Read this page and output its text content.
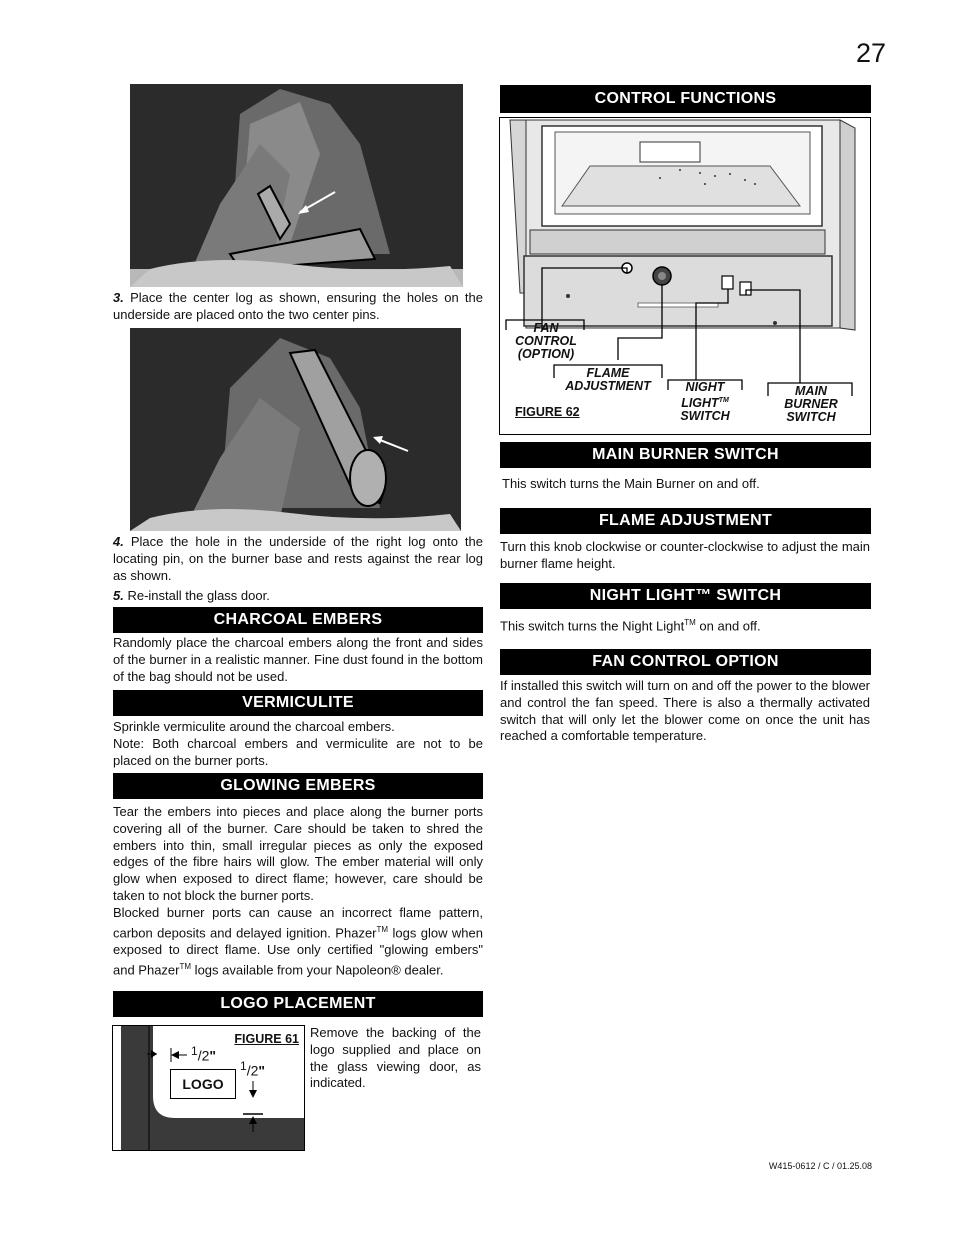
27
3. Place the center log as shown, ensuring the holes on the underside are placed onto the two center pins.
4. Place the hole in the underside of the right log onto the locating pin, on the burner base and rests against the rear log as shown.
5. Re-install the glass door.
CHARCOAL EMBERS
Randomly place the charcoal embers along the front and sides of the burner in a realistic manner. Fine dust found in the bottom of the bag should not be used.
VERMICULITE
Sprinkle vermiculite around the charcoal embers.
Note: Both charcoal embers and vermiculite are not to be placed on the burner ports.
GLOWING EMBERS
Tear the embers into pieces and place along the burner ports covering all of the burner. Care should be taken to shred the embers into thin, small irregular pieces as only the exposed edges of the fibre hairs will glow. The ember material will only glow when exposed to direct flame; however, care should be taken to not block the burner ports.
Blocked burner ports can cause an incorrect flame pattern, carbon deposits and delayed ignition. Phazer™ logs glow when exposed to direct flame. Use only certified "glowing embers" and Phazer™ logs available from your Napoleon® dealer.
LOGO PLACEMENT
FIGURE 61
LOGO
$^1$/2"
$^1$/2"
Remove the backing of the logo supplied and place on the glass viewing door, as indicated.
CONTROL FUNCTIONS
FAN CONTROL (OPTION)
FLAME ADJUSTMENT	NIGHT LIGHT™
SWITCH
MAIN BURNER SWITCH
FIGURE 62
MAIN BURNER SWITCH
This switch turns the Main Burner on and off.
FLAME ADJUSTMENT
Turn this knob clockwise or counter-clockwise to adjust the main burner flame height.
NIGHT LIGHT™ SWITCH
This switch turns the Night Light™ on and off.
FAN CONTROL OPTION
If installed this switch will turn on and off the power to the blower and control the fan speed. There is also a thermally activated switch that will only let the blower come on once the unit has reached a comfortable temperature.
W415-0612 / C / 01.25.08
